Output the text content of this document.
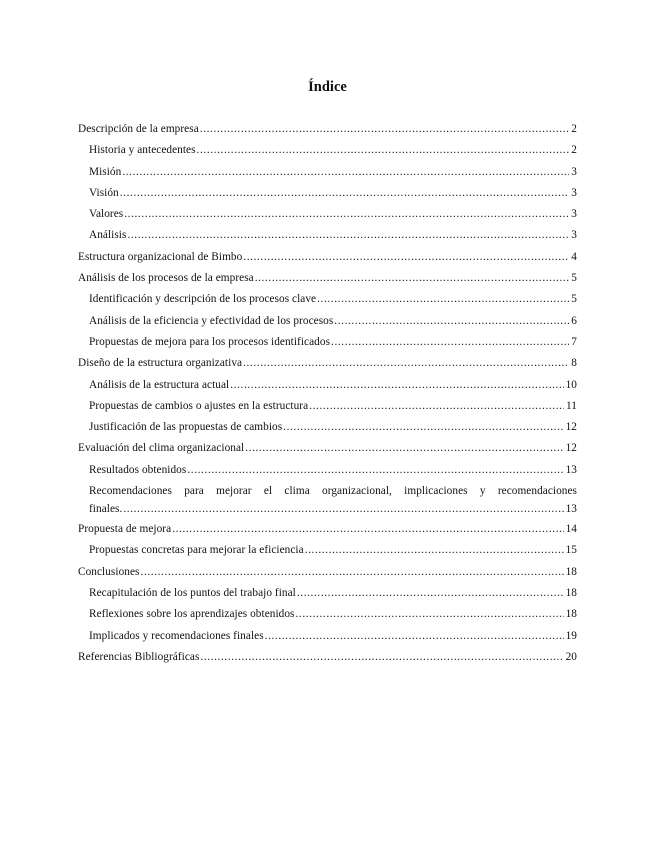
Índice
Descripción de la empresa .....	2
Historia y antecedentes .....	2
Misión .....	3
Visión .....	3
Valores .....	3
Análisis .....	3
Estructura organizacional de Bimbo .....	4
Análisis de los procesos de la empresa .....	5
Identificación y descripción de los procesos clave .....	5
Análisis de la eficiencia y efectividad de los procesos .....	6
Propuestas de mejora para los procesos identificados .....	7
Diseño de la estructura organizativa .....	8
Análisis de la estructura actual .....	10
Propuestas de cambios o ajustes en la estructura .....	11
Justificación de las propuestas de cambios .....	12
Evaluación del clima organizacional .....	12
Resultados obtenidos .....	13
Recomendaciones para mejorar el clima organizacional, implicaciones y recomendaciones
finales. .....	13
Propuesta de mejora .....	14
Propuestas concretas para mejorar la eficiencia .....	15
Conclusiones .....	18
Recapitulación de los puntos del trabajo final .....	18
Reflexiones sobre los aprendizajes obtenidos .....	18
Implicados y recomendaciones finales .....	19
Referencias Bibliográficas .....	20
